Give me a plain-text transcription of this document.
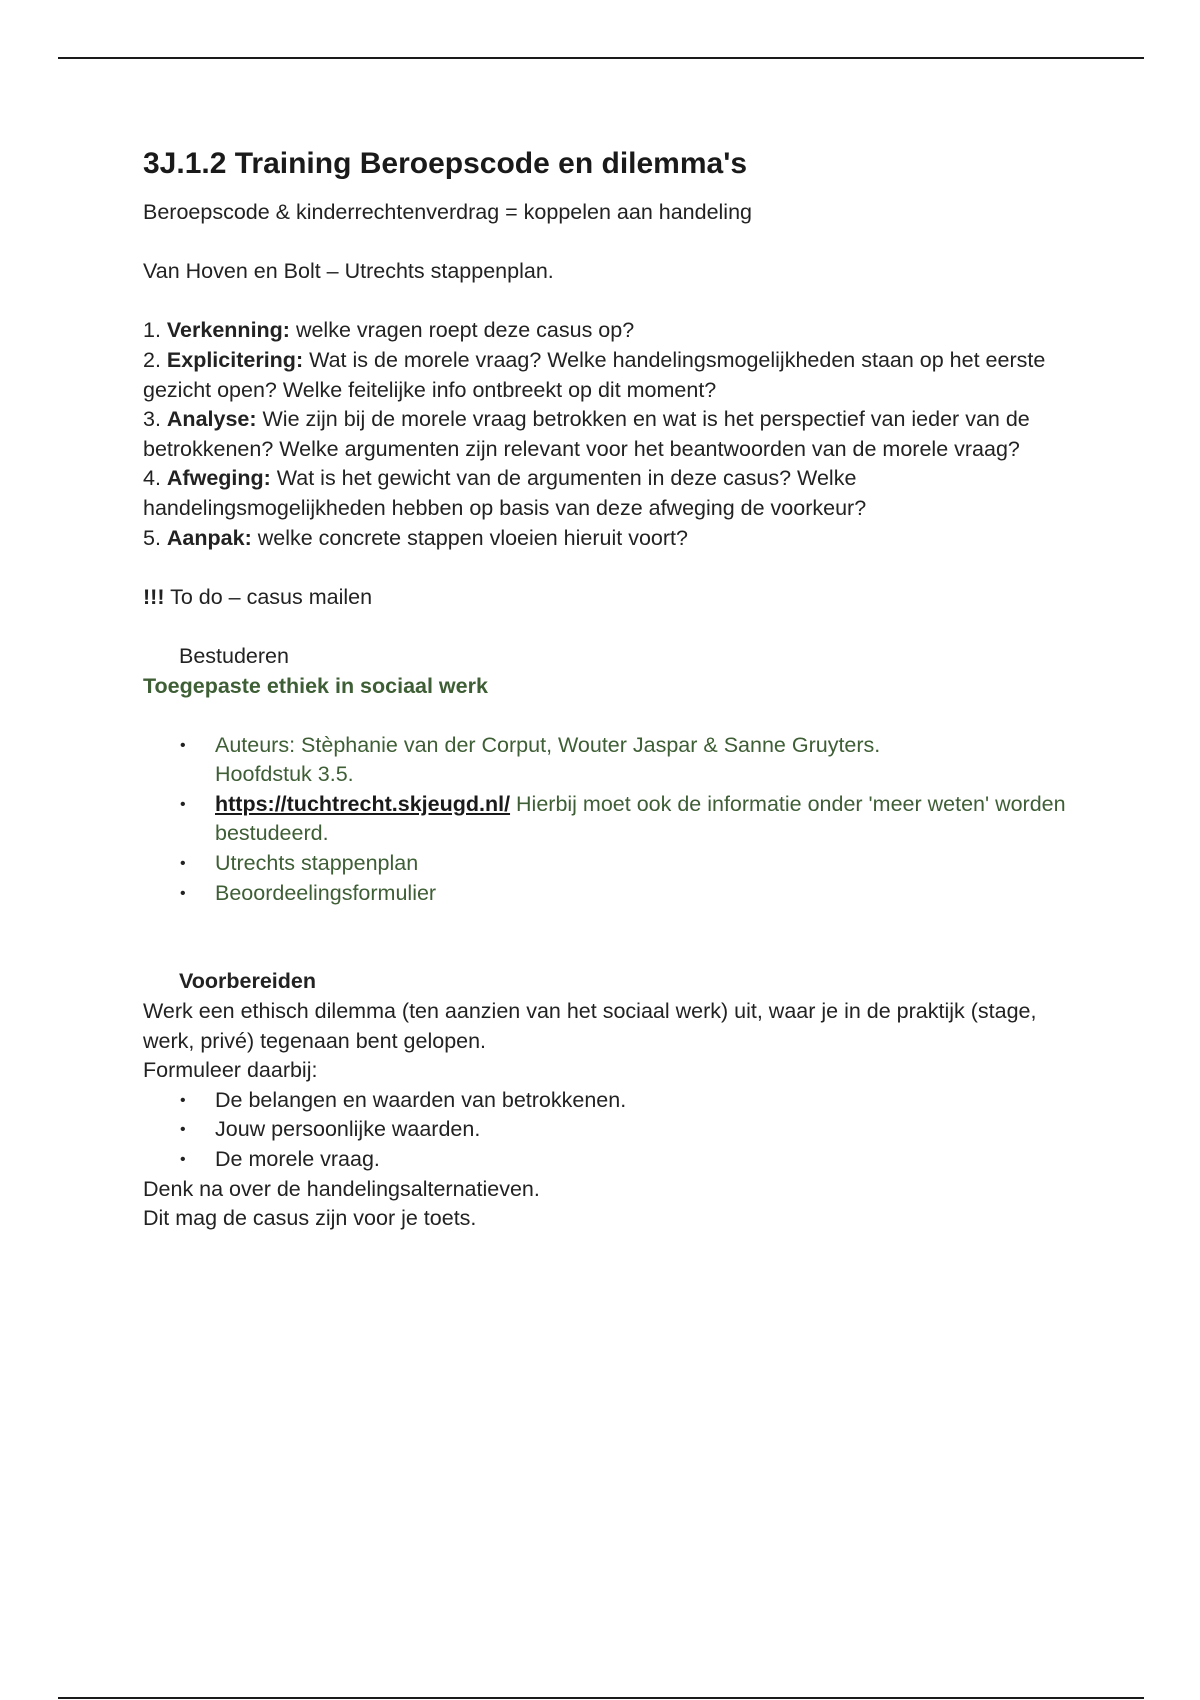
3J.1.2 Training Beroepscode en dilemma's

Beroepscode & kinderrechtenverdrag = koppelen aan handeling

Van Hoven en Bolt – Utrechts stappenplan.

1. Verkenning: welke vragen roept deze casus op?

2. Explicitering: Wat is de morele vraag? Welke handelingsmogelijkheden staan op het eerste gezicht open? Welke feitelijke info ontbreekt op dit moment?

3. Analyse: Wie zijn bij de morele vraag betrokken en wat is het perspectief van ieder van de betrokkenen? Welke argumenten zijn relevant voor het beantwoorden van de morele vraag?

4. Afweging: Wat is het gewicht van de argumenten in deze casus? Welke handelingsmogelijkheden hebben op basis van deze afweging de voorkeur?

5. Aanpak: welke concrete stappen vloeien hieruit voort?

!!! To do – casus mailen

Bestuderen

Toegepaste ethiek in sociaal werk

• Auteurs: Stèphanie van der Corput, Wouter Jaspar & Sanne Gruyters.
Hoofdstuk 3.5.
• https://tuchtrecht.skjeugd.nl/ Hierbij moet ook de informatie onder 'meer weten' worden bestudeerd.
• Utrechts stappenplan
• Beoordeelingsformulier

Voorbereiden

Werk een ethisch dilemma (ten aanzien van het sociaal werk) uit, waar je in de praktijk (stage, werk, privé) tegenaan bent gelopen.

Formuleer daarbij:

• De belangen en waarden van betrokkenen.
• Jouw persoonlijke waarden.
• De morele vraag.

Denk na over de handelingsalternatieven.

Dit mag de casus zijn voor je toets.
